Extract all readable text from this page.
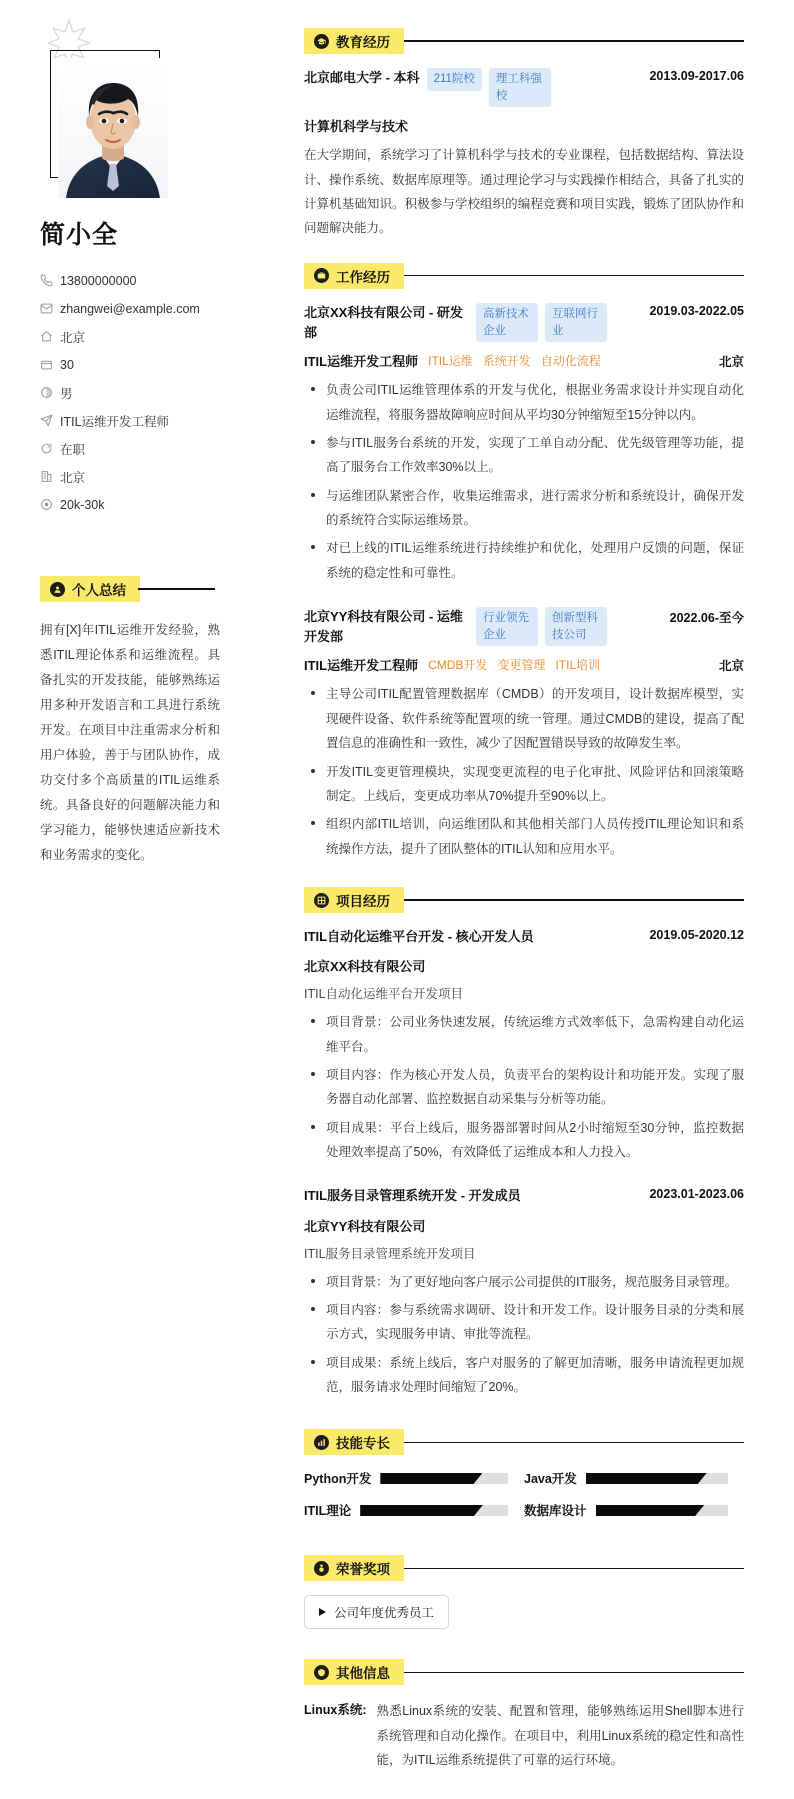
简小全
13800000000
zhangwei@example.com
北京
30
男
ITIL运维开发工程师
在职
北京
20k-30k
个人总结
拥有[X]年ITIL运维开发经验，熟悉ITIL理论体系和运维流程。具备扎实的开发技能，能够熟练运用多种开发语言和工具进行系统开发。在项目中注重需求分析和用户体验，善于与团队协作，成功交付多个高质量的ITIL运维系统。具备良好的问题解决能力和学习能力，能够快速适应新技术和业务需求的变化。
教育经历
北京邮电大学 - 本科	211院校	理工科强校
2013.09-2017.06
计算机科学与技术
在大学期间，系统学习了计算机科学与技术的专业课程，包括数据结构、算法设计、操作系统、数据库原理等。通过理论学习与实践操作相结合，具备了扎实的计算机基础知识。积极参与学校组织的编程竞赛和项目实践，锻炼了团队协作和问题解决能力。
工作经历
北京XX科技有限公司 - 研发部
高新技术企业
互联网行业
2019.03-2022.05
ITIL运维开发工程师 ITIL运维 系统开发 自动化流程	北京
负责公司ITIL运维管理体系的开发与优化，根据业务需求设计并实现自动化运维流程，将服务器故障响应时间从平均30分钟缩短至15分钟以内。
参与ITIL服务台系统的开发，实现了工单自动分配、优先级管理等功能，提高了服务台工作效率30%以上。
与运维团队紧密合作，收集运维需求，进行需求分析和系统设计，确保开发的系统符合实际运维场景。
对已上线的ITIL运维系统进行持续维护和优化，处理用户反馈的问题，保证系统的稳定性和可靠性。
北京YY科技有限公司 - 运维开发部
行业领先企业
创新型科技公司
2022.06-至今
ITIL运维开发工程师 CMDB开发 变更管理 ITIL培训	北京
主导公司ITIL配置管理数据库（CMDB）的开发项目，设计数据库模型，实现硬件设备、软件系统等配置项的统一管理。通过CMDB的建设，提高了配置信息的准确性和一致性，减少了因配置错误导致的故障发生率。
开发ITIL变更管理模块，实现变更流程的电子化审批、风险评估和回滚策略制定。上线后，变更成功率从70%提升至90%以上。
组织内部ITIL培训，向运维团队和其他相关部门人员传授ITIL理论知识和系统操作方法，提升了团队整体的ITIL认知和应用水平。
项目经历
ITIL自动化运维平台开发 - 核心开发人员	2019.05-2020.12
北京XX科技有限公司
ITIL自动化运维平台开发项目
项目背景：公司业务快速发展，传统运维方式效率低下，急需构建自动化运维平台。
项目内容：作为核心开发人员，负责平台的架构设计和功能开发。实现了服务器自动化部署、监控数据自动采集与分析等功能。
项目成果：平台上线后，服务器部署时间从2小时缩短至30分钟，监控数据处理效率提高了50%，有效降低了运维成本和人力投入。
ITIL服务目录管理系统开发 - 开发成员	2023.01-2023.06
北京YY科技有限公司
ITIL服务目录管理系统开发项目
项目背景：为了更好地向客户展示公司提供的IT服务，规范服务目录管理。
项目内容：参与系统需求调研、设计和开发工作。设计服务目录的分类和展示方式，实现服务申请、审批等流程。
项目成果：系统上线后，客户对服务的了解更加清晰，服务申请流程更加规范，服务请求处理时间缩短了20%。
技能专长
Python开发	Java开发
ITIL理论	数据库设计
荣誉奖项
公司年度优秀员工
其他信息
Linux系统: 熟悉Linux系统的安装、配置和管理，能够熟练运用Shell脚本进行系统管理和自动化操作。在项目中，利用Linux系统的稳定性和高性能，为ITIL运维系统提供了可靠的运行环境。
